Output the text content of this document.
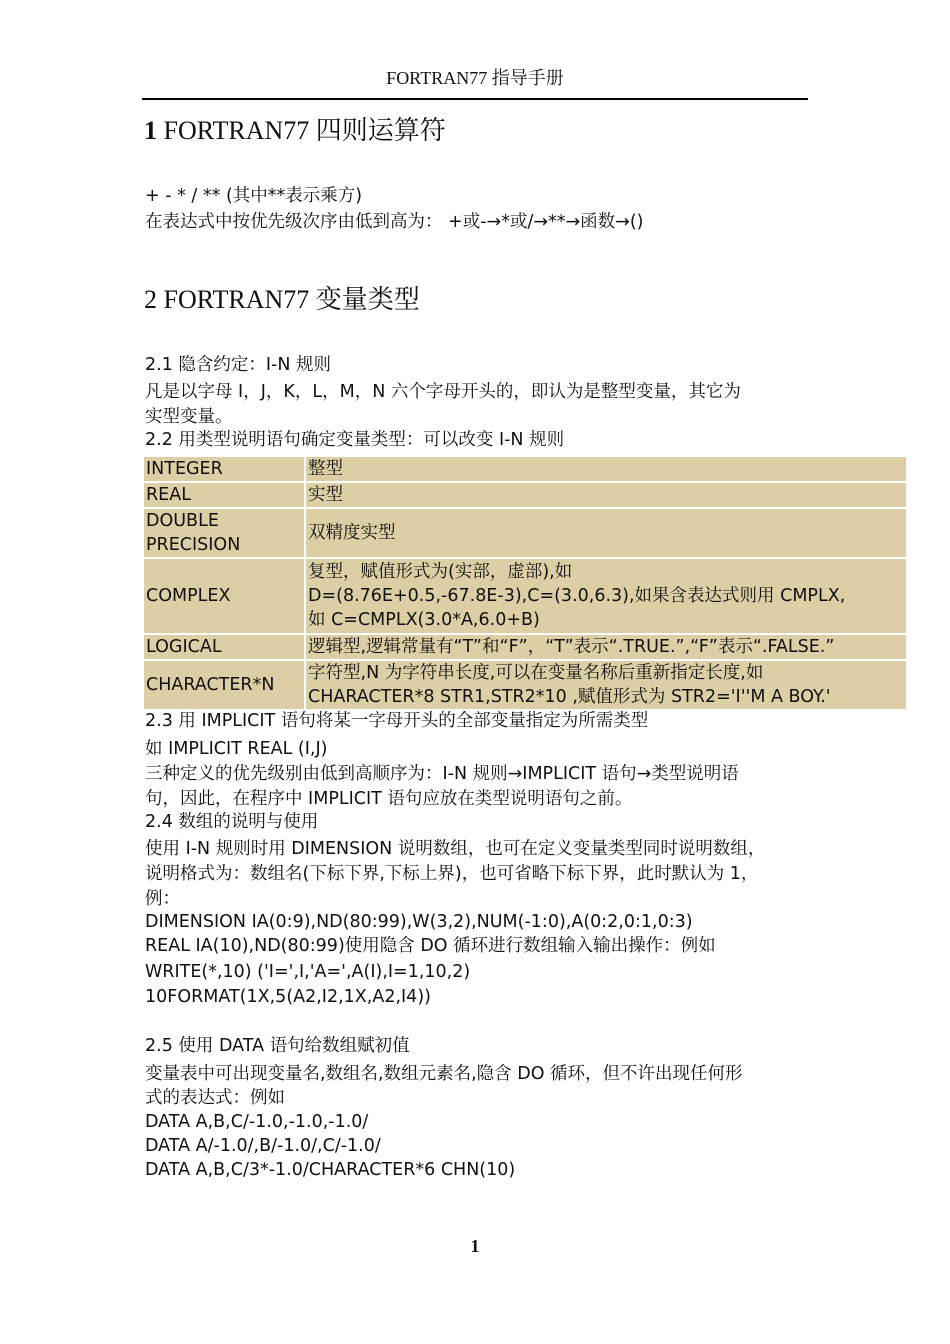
FORTRAN77 指导手册
1 FORTRAN77 四则运算符
+ - * / ** (其中**表示乘方)
在表达式中按优先级次序由低到高为： +或-→*或/→**→函数→()
2 FORTRAN77 变量类型
2.1 隐含约定：I-N 规则
凡是以字母 I，J，K，L，M，N 六个字母开头的，即认为是整型变量，其它为
实型变量。
2.2 用类型说明语句确定变量类型：可以改变 I-N 规则
INTEGER	整型
REAL	实型
DOUBLE PRECISION	双精度实型
COMPLEX	复型，赋值形式为(实部，虚部),如
D=(8.76E+0.5,-67.8E-3),C=(3.0,6.3),如果含表达式则用 CMPLX,
如 C=CMPLX(3.0*A,6.0+B)

LOGICAL	逻辑型,逻辑常量有“T”和“F”，“T”表示“.TRUE.”,“F”表示“.FALSE.”
CHARACTER*N	字符型,N 为字符串长度,可以在变量名称后重新指定长度,如
CHARACTER*8 STR1,STR2*10 ,赋值形式为 STR2='I''M A BOY.'
2.3 用 IMPLICIT 语句将某一字母开头的全部变量指定为所需类型
如 IMPLICIT REAL (I,J)
三种定义的优先级别由低到高顺序为：I-N 规则→IMPLICIT 语句→类型说明语
句，因此，在程序中 IMPLICIT 语句应放在类型说明语句之前。
2.4 数组的说明与使用
使用 I-N 规则时用 DIMENSION 说明数组，也可在定义变量类型同时说明数组，
说明格式为：数组名(下标下界,下标上界)，也可省略下标下界，此时默认为 1，
例：
DIMENSION IA(0:9),ND(80:99),W(3,2),NUM(-1:0),A(0:2,0:1,0:3)
REAL IA(10),ND(80:99)使用隐含 DO 循环进行数组输入输出操作：例如
WRITE(*,10) ('I=',I,'A=',A(I),I=1,10,2)
10FORMAT(1X,5(A2,I2,1X,A2,I4))
2.5 使用 DATA 语句给数组赋初值
变量表中可出现变量名,数组名,数组元素名,隐含 DO 循环，但不许出现任何形
式的表达式：例如
DATA A,B,C/-1.0,-1.0,-1.0/
DATA A/-1.0/,B/-1.0/,C/-1.0/
DATA A,B,C/3*-1.0/CHARACTER*6 CHN(10)
1
